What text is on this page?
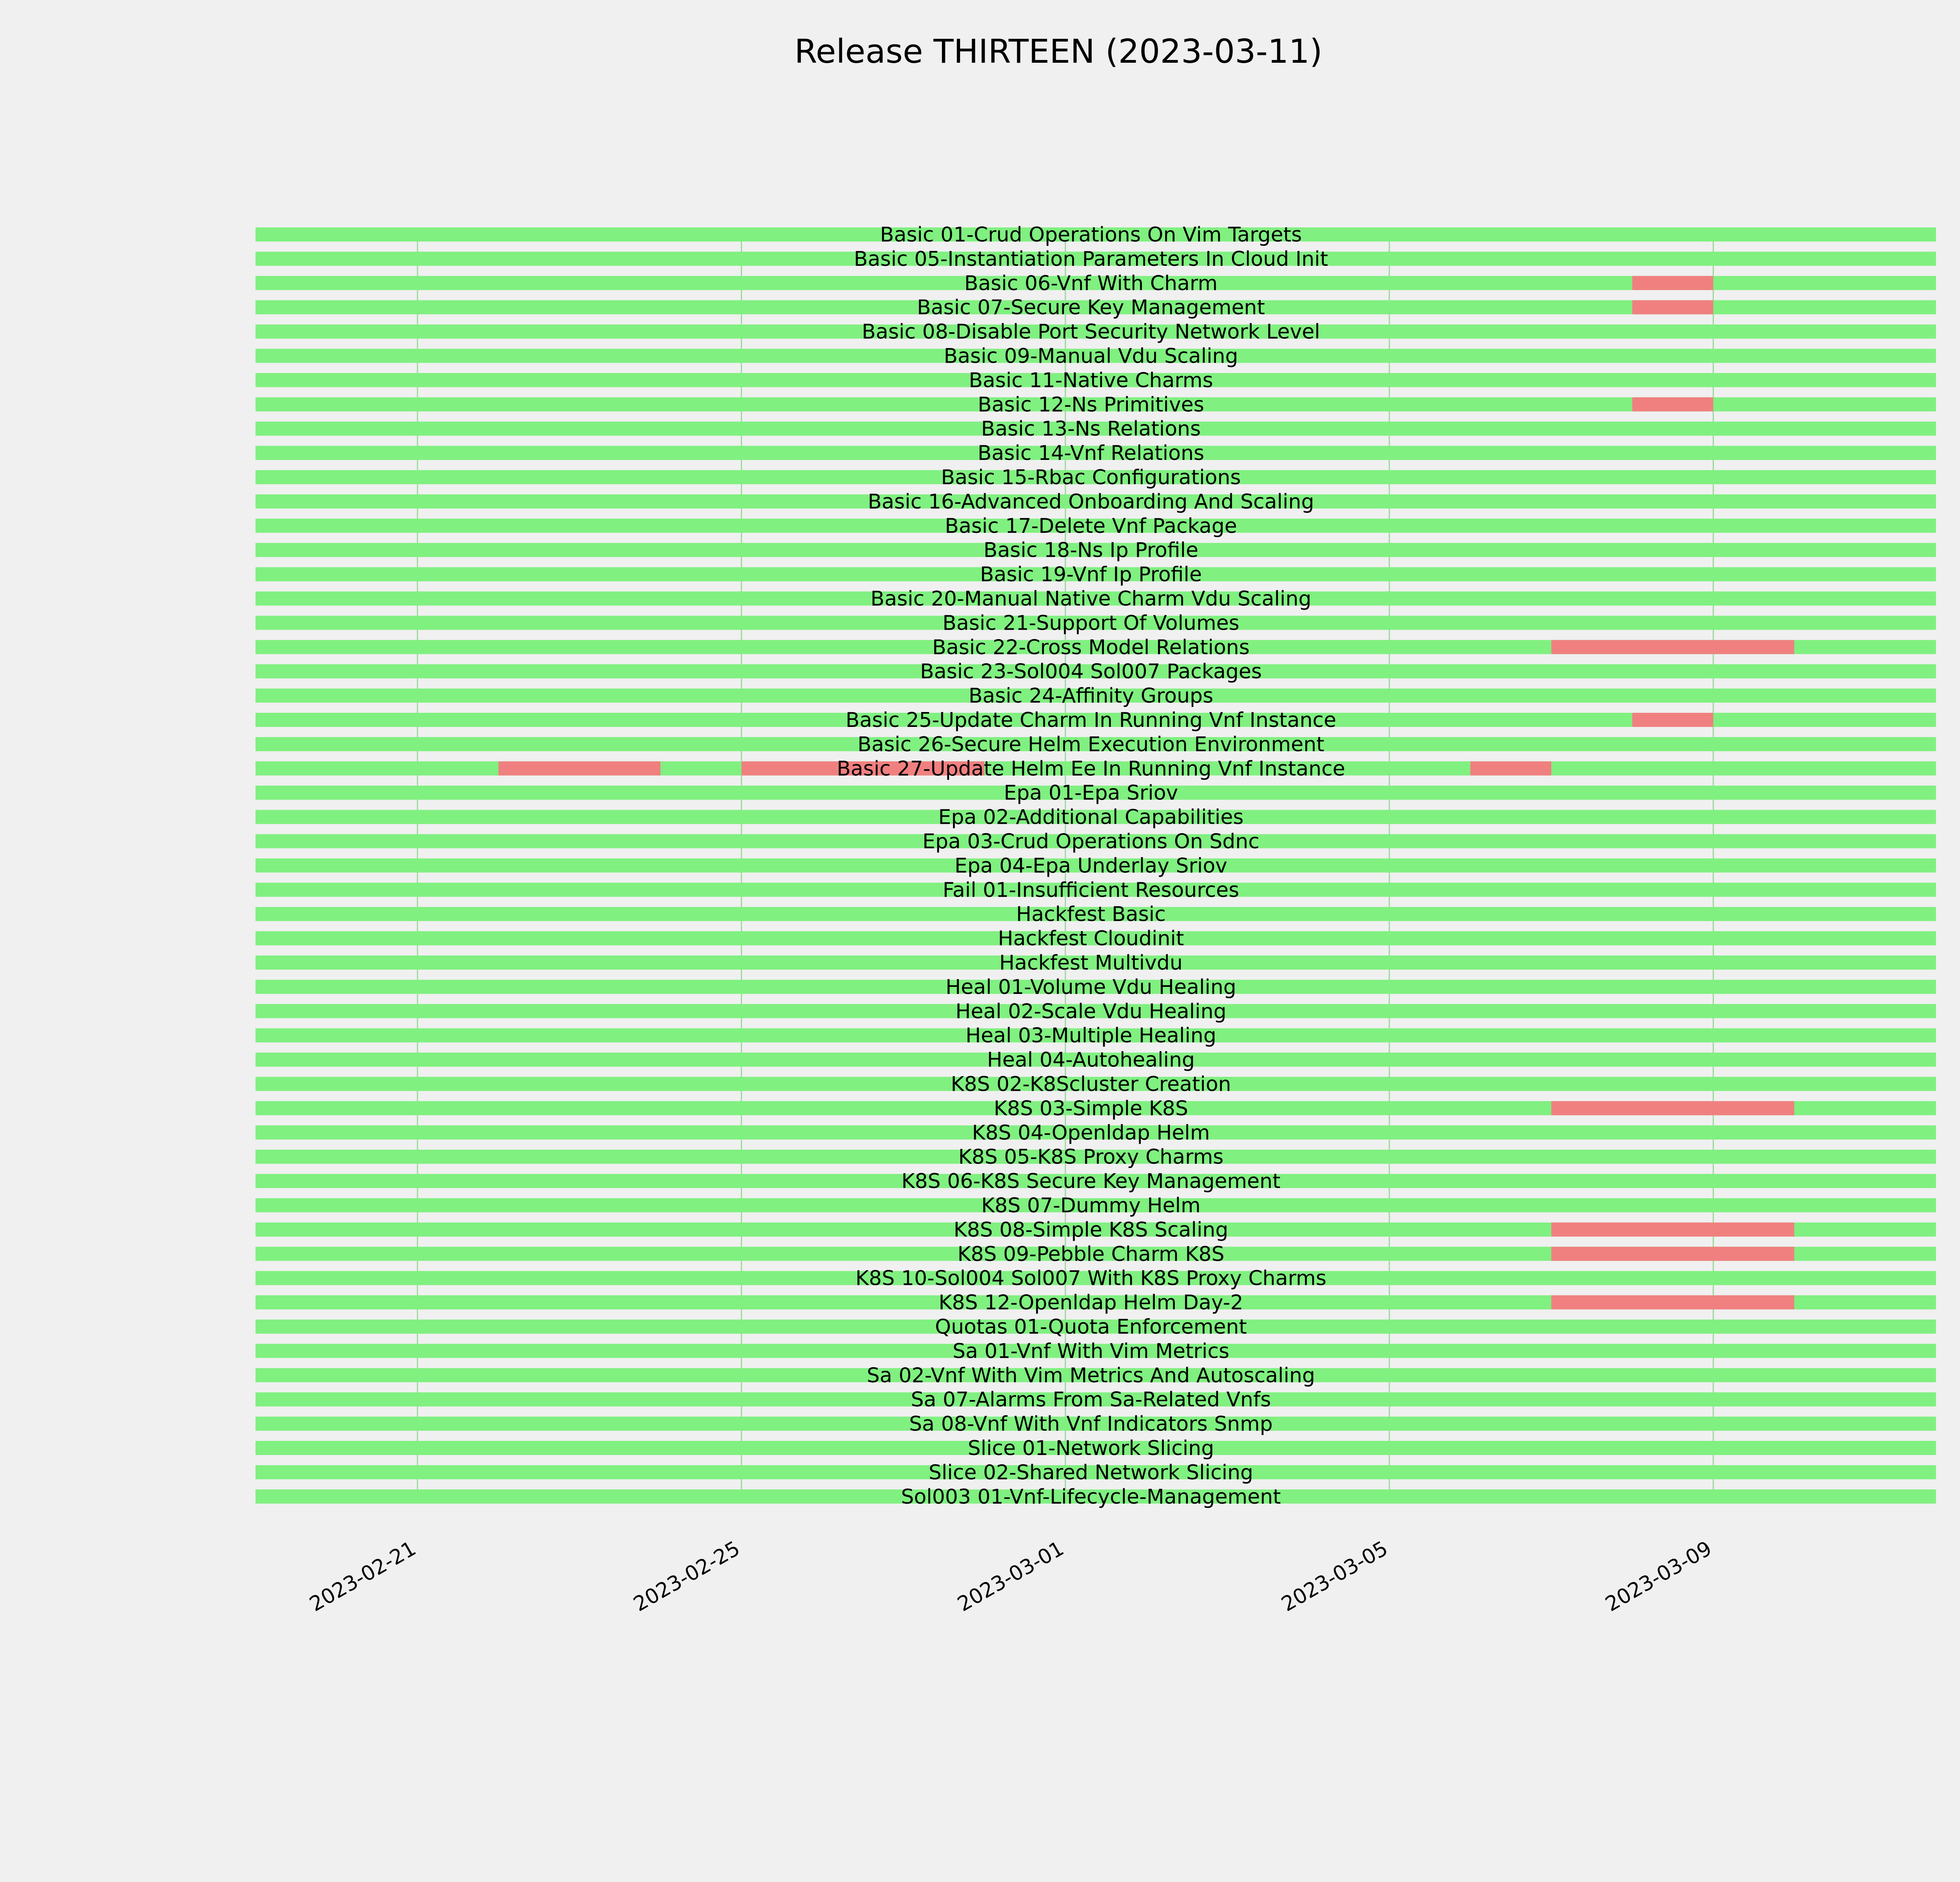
Release THIRTEEN (2023-03-11)
Basic 01-Crud Operations On Vim Targets
Basic 05-Instantiation Parameters In Cloud Init
Basic 06-Vnf With Charm
Basic 07-Secure Key Management
Basic 08-Disable Port Security Network Level
Basic 09-Manual Vdu Scaling
Basic 11-Native Charms
Basic 12-Ns Primitives
Basic 13-Ns Relations
Basic 14-Vnf Relations
Basic 15-Rbac Configurations
Basic 16-Advanced Onboarding And Scaling
Basic 17-Delete Vnf Package
Basic 18-Ns Ip Profile
Basic 19-Vnf Ip Profile
Basic 20-Manual Native Charm Vdu Scaling
Basic 21-Support Of Volumes
Basic 22-Cross Model Relations
Basic 23-Sol004 Sol007 Packages
Basic 24-Affinity Groups
Basic 25-Update Charm In Running Vnf Instance
Basic 26-Secure Helm Execution Environment
Basic 27-Update Helm Ee In Running Vnf Instance
Epa 01-Epa Sriov
Epa 02-Additional Capabilities
Epa 03-Crud Operations On Sdnc
Epa 04-Epa Underlay Sriov
Fail 01-Insufficient Resources
Hackfest Basic
Hackfest Cloudinit
Hackfest Multivdu
Heal 01-Volume Vdu Healing
Heal 02-Scale Vdu Healing
Heal 03-Multiple Healing
Heal 04-Autohealing
K8S 02-K8Scluster Creation
K8S 03-Simple K8S
K8S 04-Openldap Helm
K8S 05-K8S Proxy Charms
K8S 06-K8S Secure Key Management
K8S 07-Dummy Helm
K8S 08-Simple K8S Scaling
K8S 09-Pebble Charm K8S
K8S 10-Sol004 Sol007 With K8S Proxy Charms
K8S 12-Openldap Helm Day-2
Quotas 01-Quota Enforcement
Sa 01-Vnf With Vim Metrics
Sa 02-Vnf With Vim Metrics And Autoscaling
Sa 07-Alarms From Sa-Related Vnfs
Sa 08-Vnf With Vnf Indicators Snmp
Slice 01-Network Slicing
Slice 02-Shared Network Slicing
Sol003 01-Vnf-Lifecycle-Management
2023-02-21	2023-02-25	2023-03-01	2023-03-05	2023-03-09
